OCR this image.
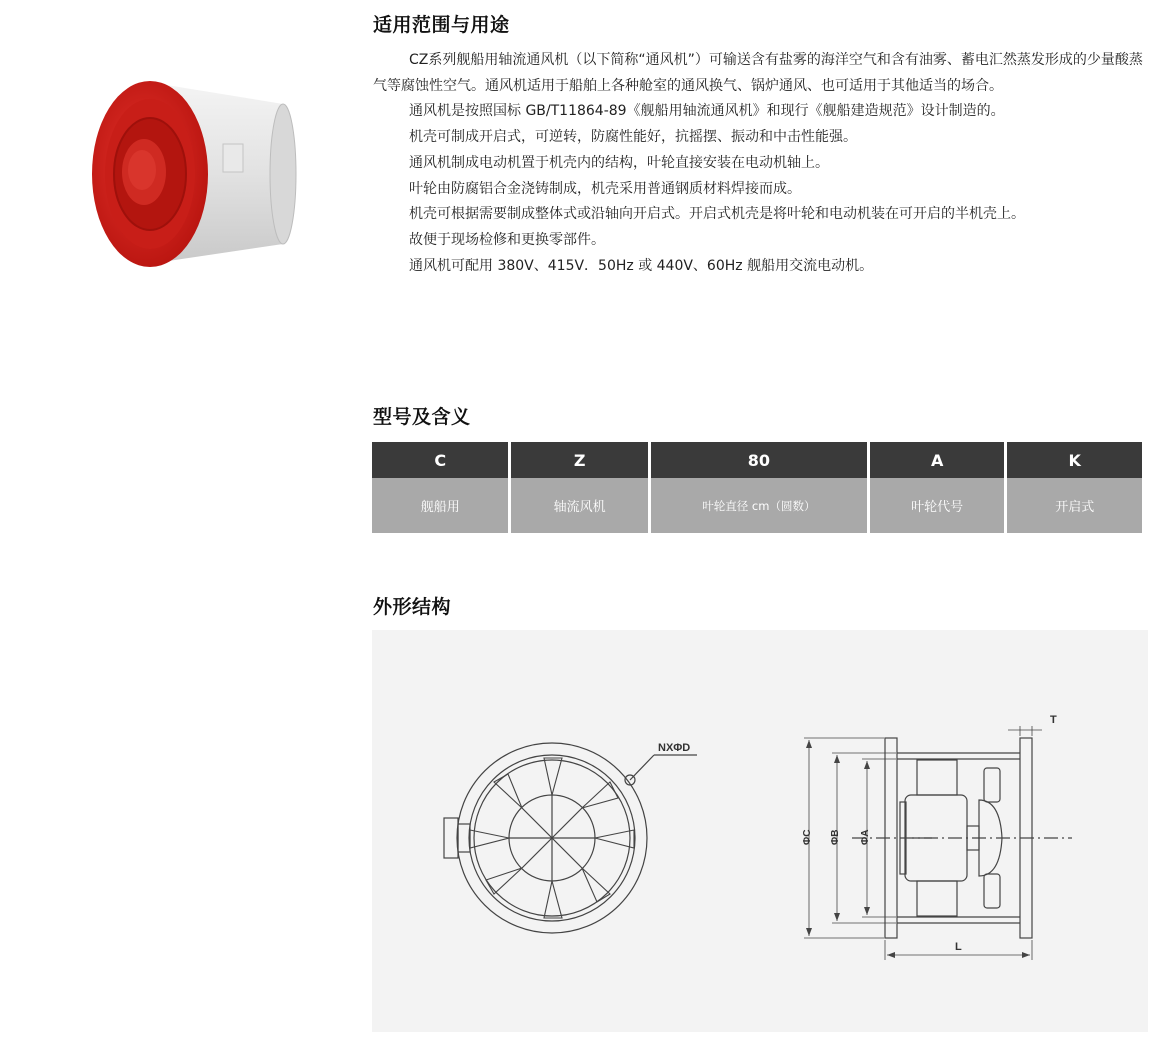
适用范围与用途

CZ系列舰船用轴流通风机（以下简称“通风机”）可输送含有盐雾的海洋空气和含有油雾、蓄电汇然蒸发形成的少量酸蒸气等腐蚀性空气。通风机适用于船舶上各种舱室的通风换气、锅炉通风、也可适用于其他适当的场合。

通风机是按照国标 GB/T11864-89《舰船用轴流通风机》和现行《舰船建造规范》设计制造的。

机壳可制成开启式，可逆转，防腐性能好，抗摇摆、振动和中击性能强。

通风机制成电动机置于机壳内的结构，叶轮直接安装在电动机轴上。

叶轮由防腐铝合金浇铸制成，机壳采用普通钢质材料焊接而成。

机壳可根据需要制成整体式或沿轴向开启式。开启式机壳是将叶轮和电动机装在可开启的半机壳上。

故便于现场检修和更换零部件。

通风机可配用 380V、415V．50Hz 或 440V、60Hz 舰船用交流电动机。

型号及含义
C	Z	80	A	K
舰船用	轴流风机	叶轮直径 cm（圆数）	叶轮代号	开启式
外形结构
NXΦD
T
ΦC ΦB ΦA
L
